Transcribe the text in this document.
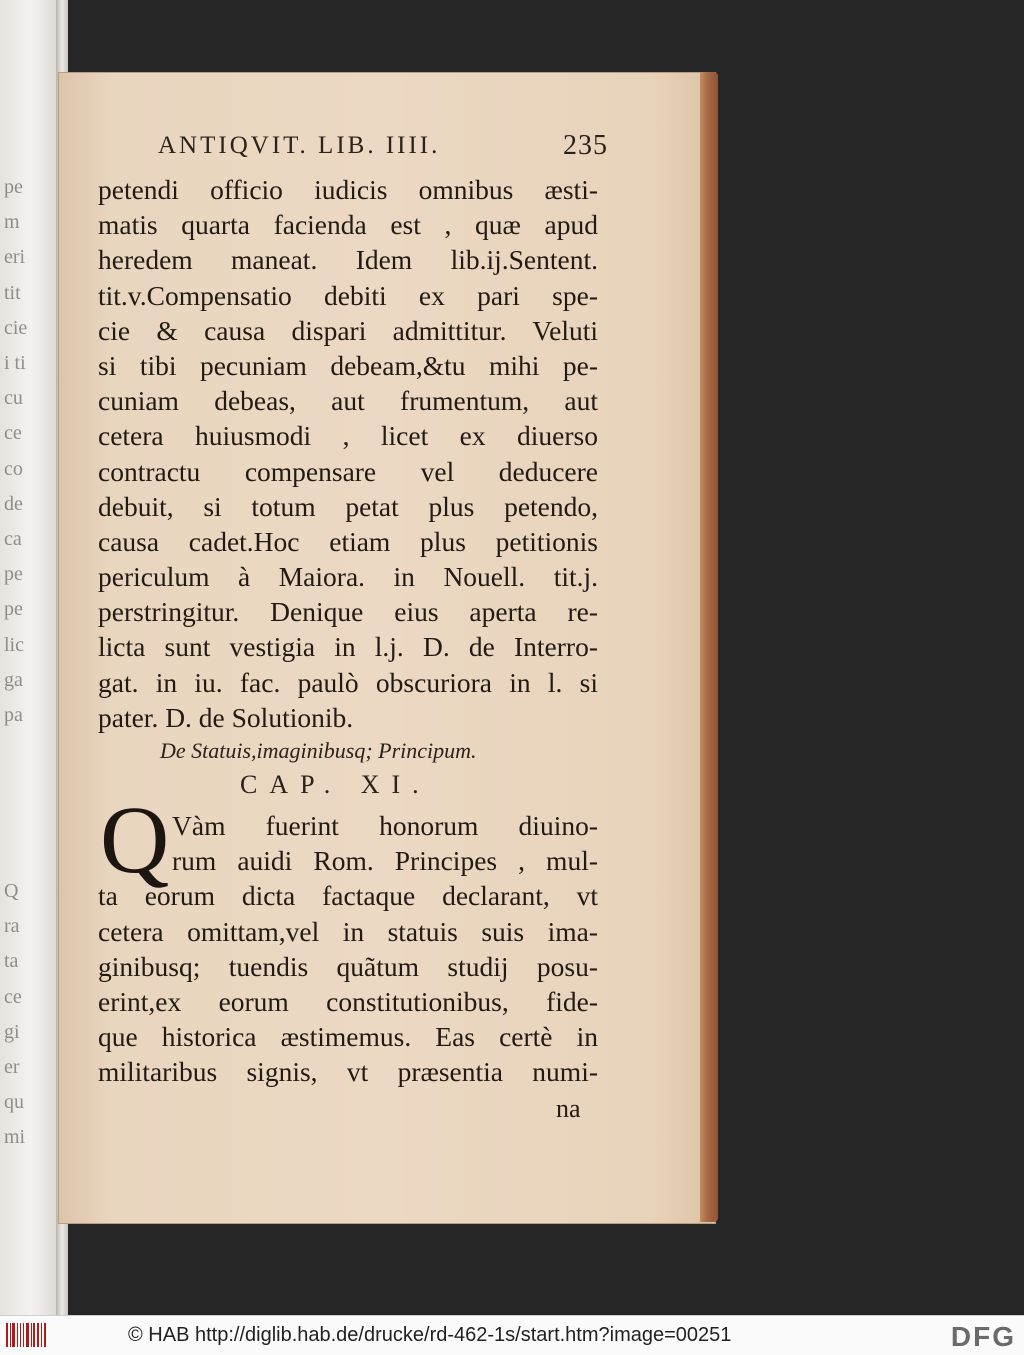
pe
m
eri
tit
cie
i ti
cu
ce
co
de
ca
pe
pe
lic
ga
pa

Q
ra
ta
ce
gi
er
qu
mi
ANTIQVIT. LIB. IIII.	235
petendi officio iudicis omnibus æsti-
matis quarta facienda est , quæ apud
heredem maneat. Idem lib.ij.Sentent.
tit.v.Compensatio debiti ex pari spe-
cie & causa dispari admittitur. Veluti
si tibi pecuniam debeam,&tu mihi pe-
cuniam debeas, aut frumentum, aut
cetera huiusmodi , licet ex diuerso
contractu compensare vel deducere
debuit, si totum petat plus petendo,
causa cadet.Hoc etiam plus petitionis
periculum à Maiora. in Nouell. tit.j.
perstringitur. Denique eius aperta re-
licta sunt vestigia in l.j. D. de Interro-
gat. in iu. fac. paulò obscuriora in l. si
pater. D. de Solutionib.
De Statuis,imaginibusq; Principum.
CAP. XI.
Q Vàm fuerint honorum diuino-
rum auidi Rom. Principes , mul-
ta eorum dicta factaque declarant, vt
cetera omittam,vel in statuis suis ima-
ginibusq; tuendis quãtum studij posu-
erint,ex eorum constitutionibus, fide-
que historica æstimemus. Eas certè in
militaribus signis, vt præsentia numi-
na
© HAB http://diglib.hab.de/drucke/rd-462-1s/start.htm?image=00251	DFG
